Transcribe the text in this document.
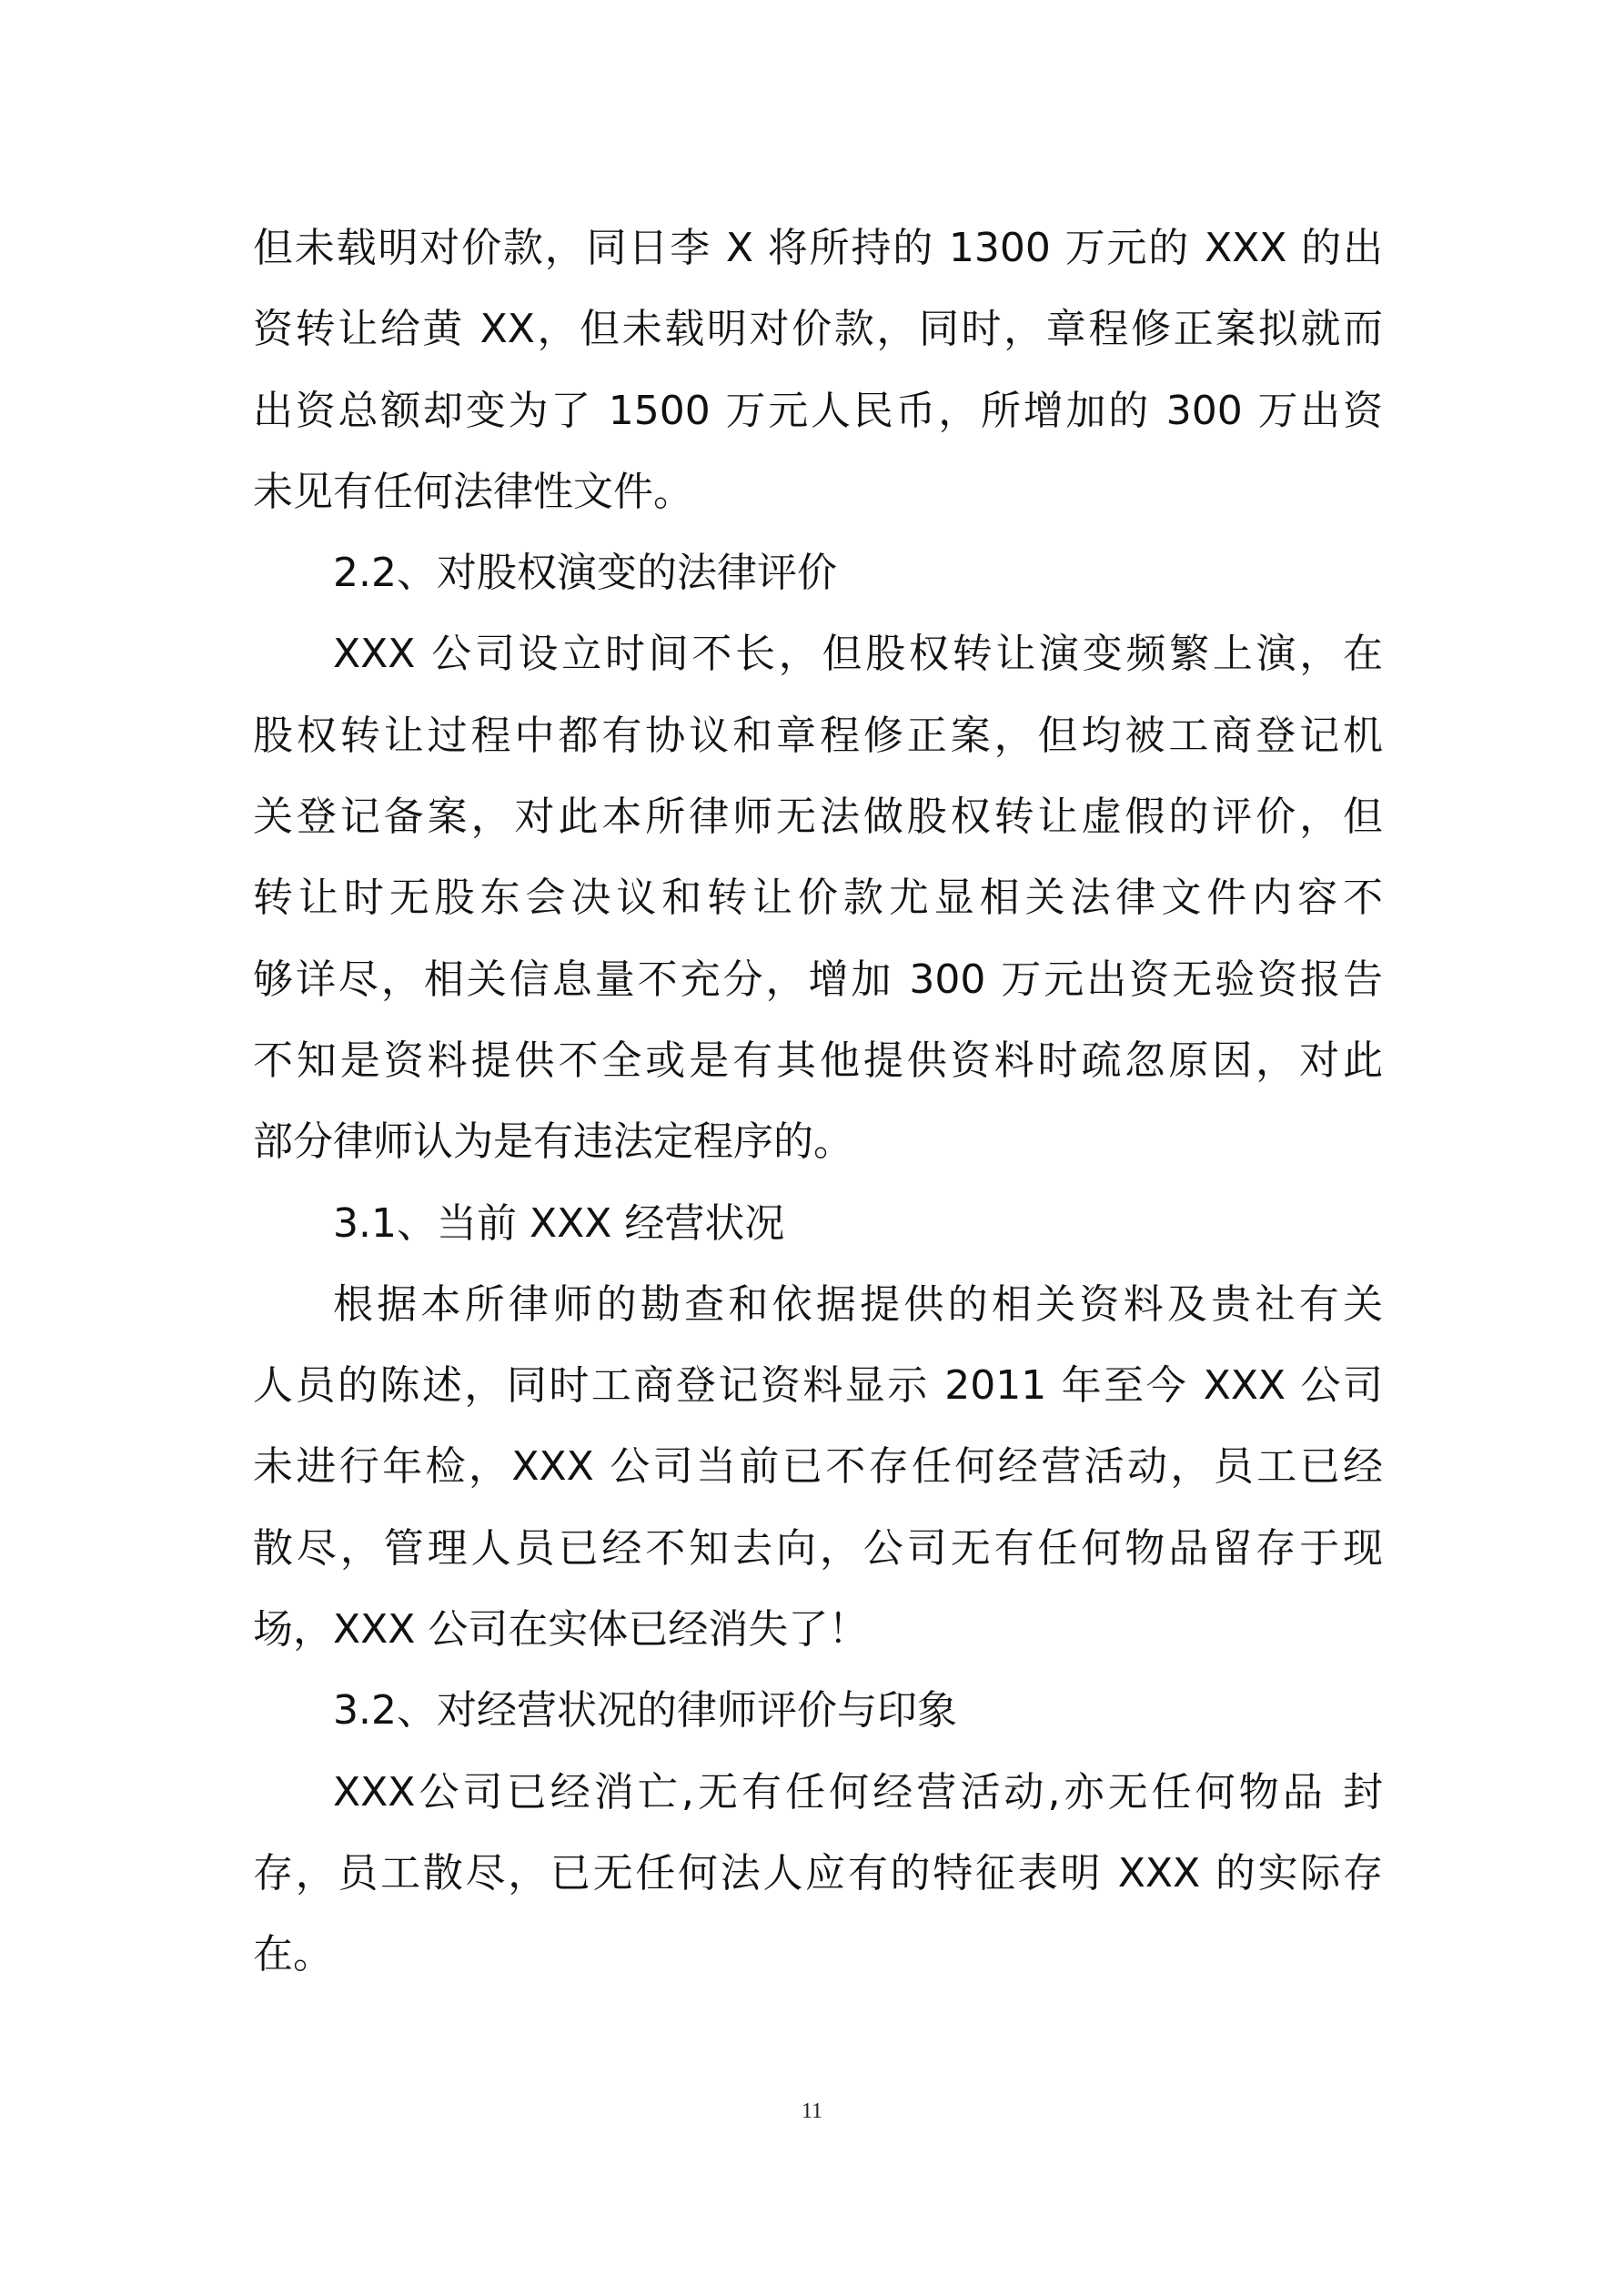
但未载明对价款，同日李 X 将所持的 1300 万元的 XXX 的出
资转让给黄 XX，但未载明对价款，同时，章程修正案拟就而
出资总额却变为了 1500 万元人民币，所增加的 300 万出资
未见有任何法律性文件。
2.2、对股权演变的法律评价
XXX 公司设立时间不长，但股权转让演变频繁上演，在
股权转让过程中都有协议和章程修正案，但均被工商登记机
关登记备案，对此本所律师无法做股权转让虚假的评价，但
转让时无股东会决议和转让价款尤显相关法律文件内容不
够详尽，相关信息量不充分，增加 300 万元出资无验资报告
不知是资料提供不全或是有其他提供资料时疏忽原因，对此
部分律师认为是有违法定程序的。
3.1、当前 XXX 经营状况
根据本所律师的勘查和依据提供的相关资料及贵社有关
人员的陈述，同时工商登记资料显示 2011 年至今 XXX 公司
未进行年检，XXX 公司当前已不存任何经营活动，员工已经
散尽，管理人员已经不知去向，公司无有任何物品留存于现
场，XXX 公司在实体已经消失了！
3.2、对经营状况的律师评价与印象
XXX公司已经消亡,无有任何经营活动,亦无任何物品 封
存，员工散尽，已无任何法人应有的特征表明 XXX 的实际存
在。
11
